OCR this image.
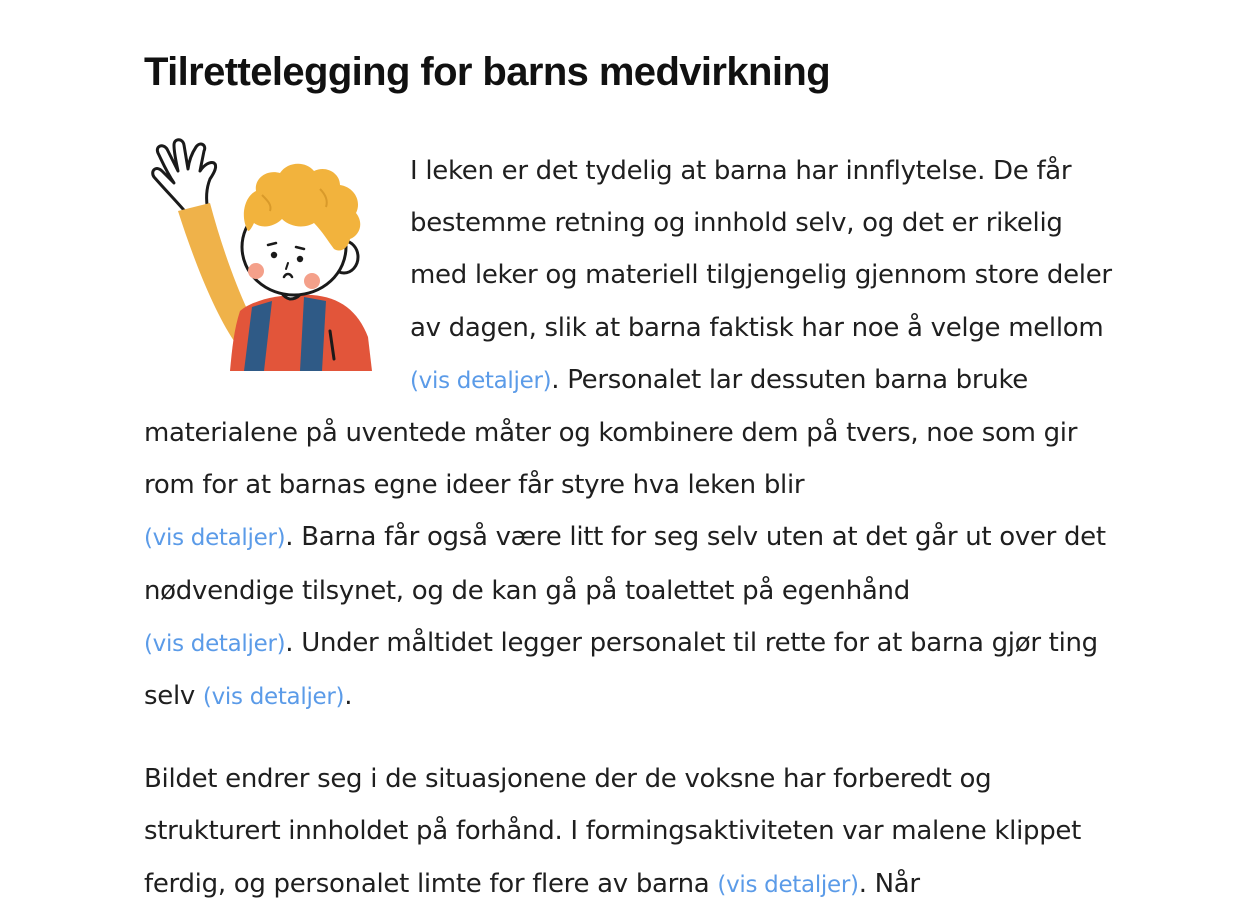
Tilrettelegging for barns medvirkning

I leken er det tydelig at barna har innflytelse. De får bestemme retning og innhold selv, og det er rikelig med leker og materiell tilgjengelig gjennom store deler av dagen, slik at barna faktisk har noe å velge mellom (vis detaljer). Personalet lar dessuten barna bruke materialene på uventede måter og kombinere dem på tvers, noe som gir rom for at barnas egne ideer får styre hva leken blir
(vis detaljer). Barna får også være litt for seg selv uten at det går ut over det nødvendige tilsynet, og de kan gå på toalettet på egenhånd
(vis detaljer). Under måltidet legger personalet til rette for at barna gjør ting selv (vis detaljer).

Bildet endrer seg i de situasjonene der de voksne har forberedt og strukturert innholdet på forhånd. I formingsaktiviteten var malene klippet ferdig, og personalet limte for flere av barna (vis detaljer). Når
